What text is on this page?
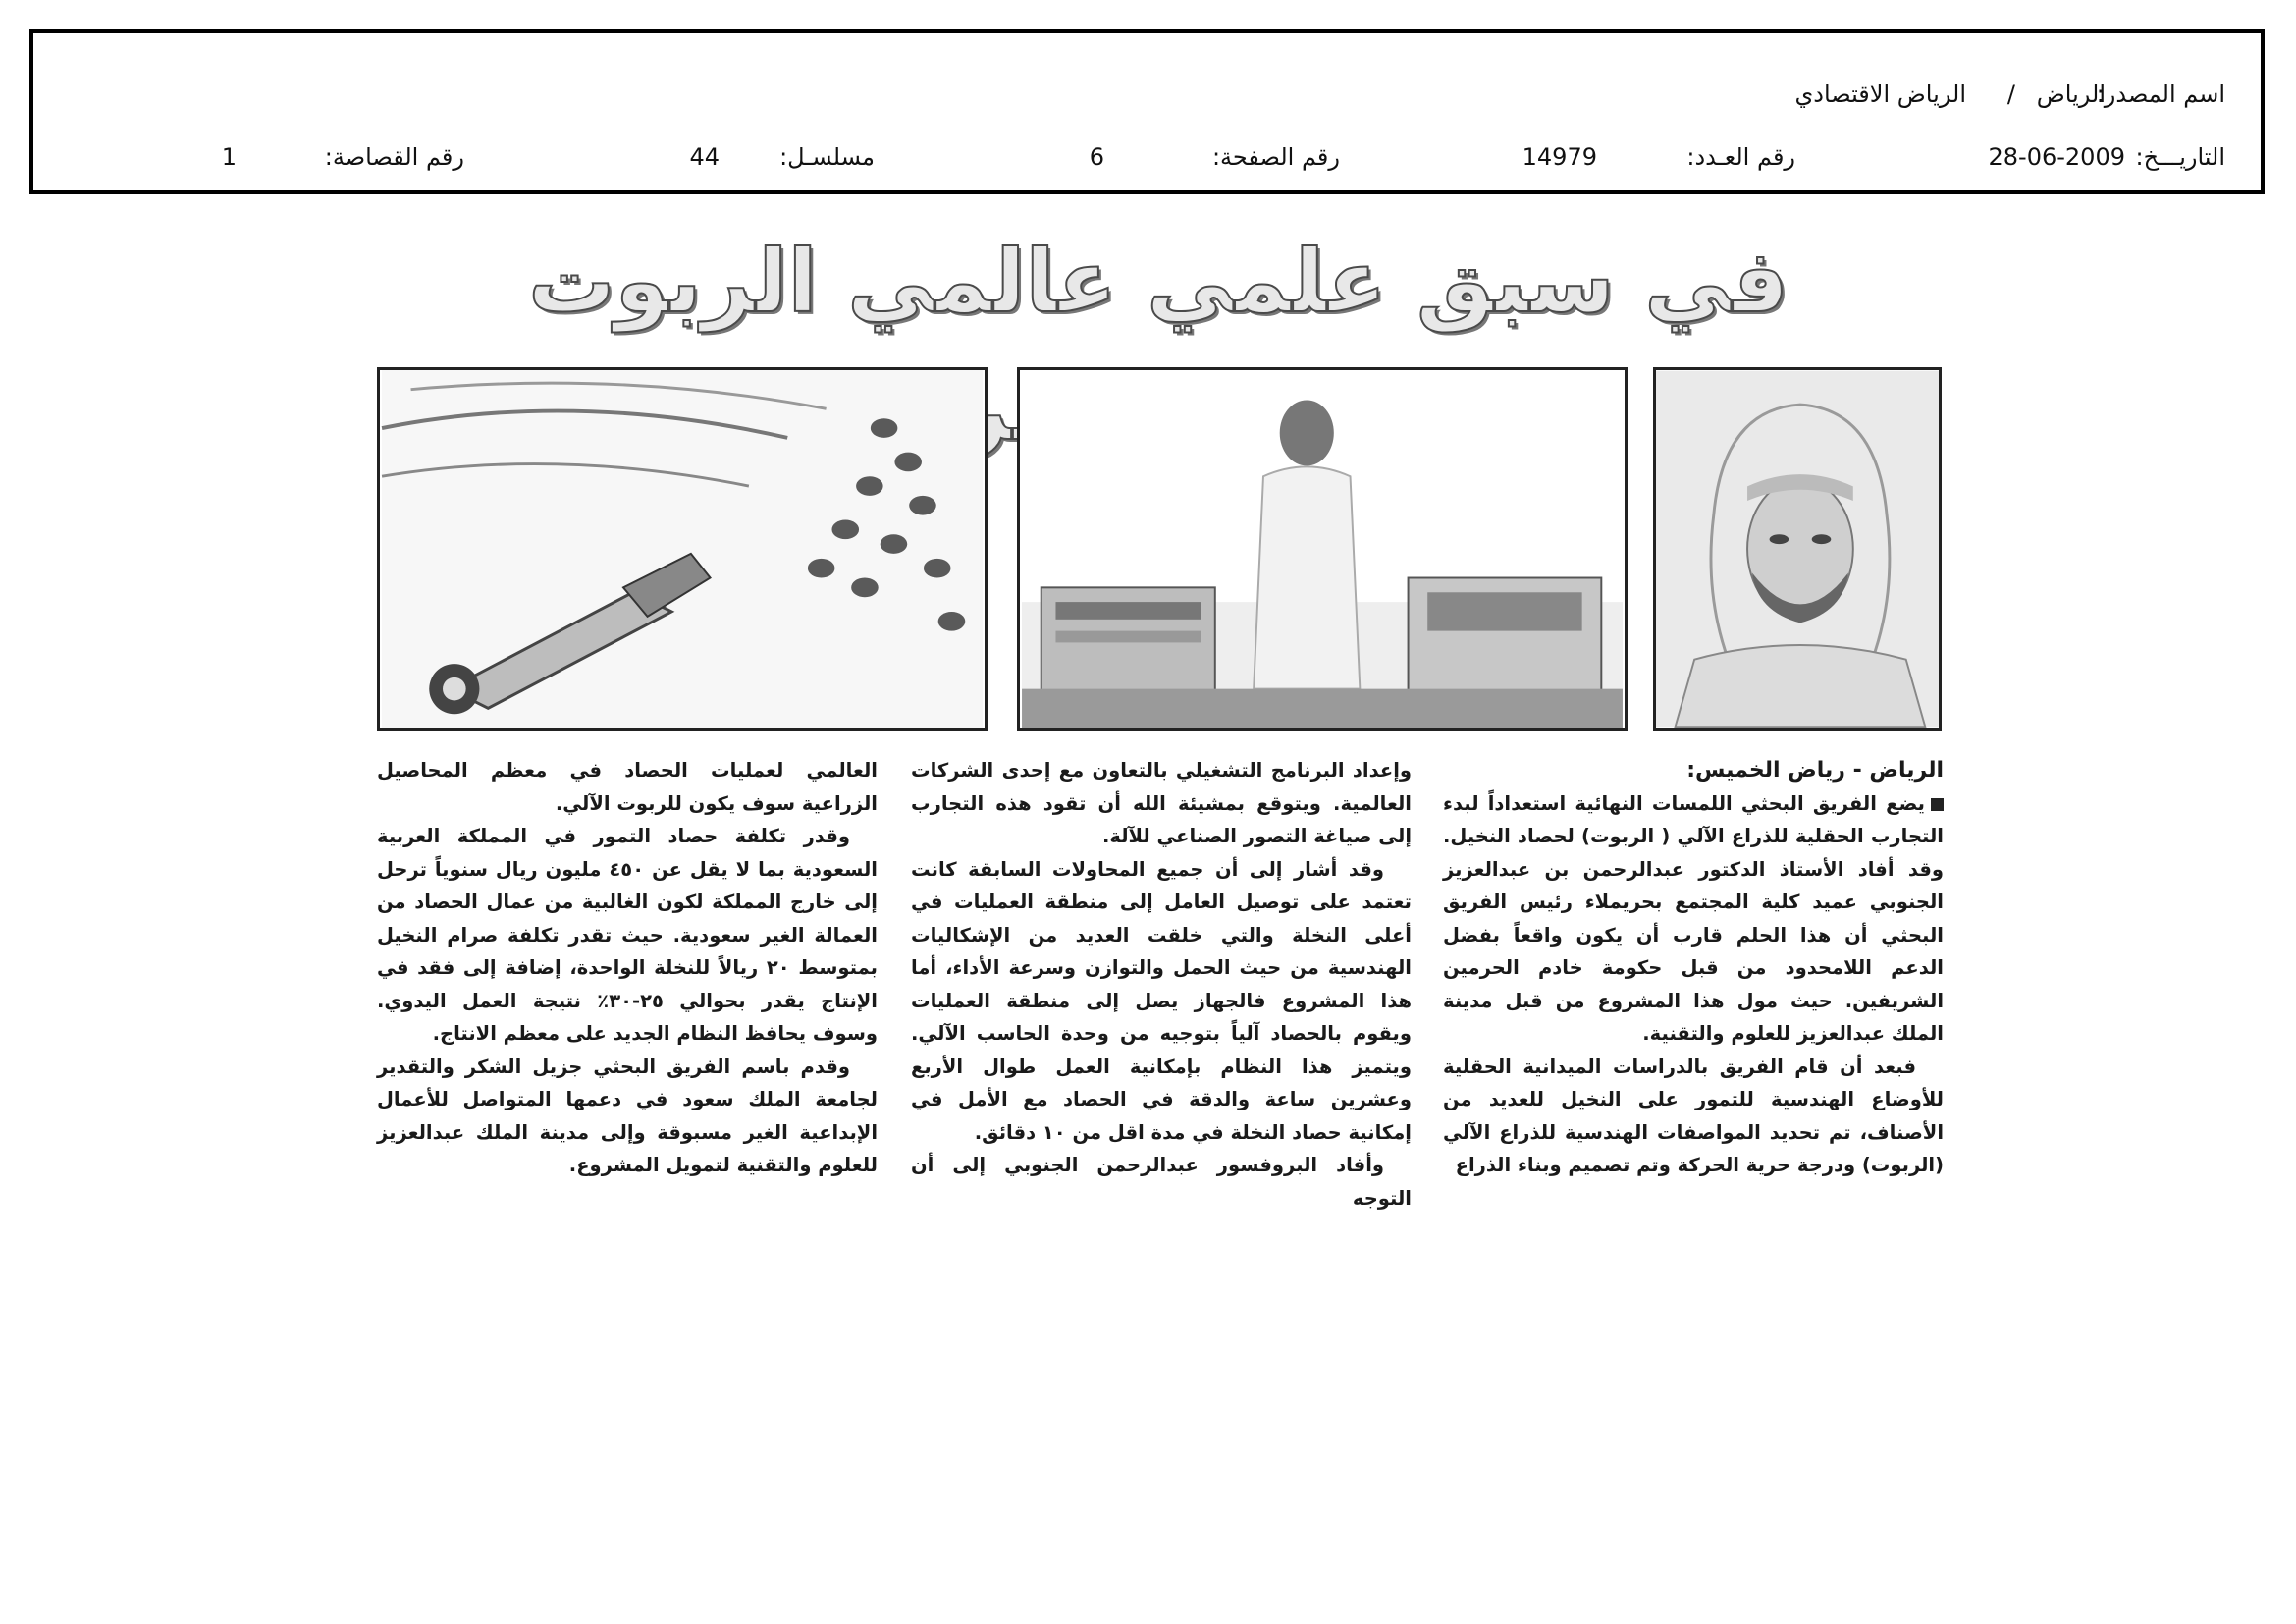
اسم المصدر:
الرياض
/
الرياض الاقتصادي
التاريـــخ:
28-06-2009
رقم العـدد:
14979
رقم الصفحة:
6
مسلسـل:
44
رقم القصاصة:
1
في سبق علمي عالمي الربوت

الرياض - رياض الخميس:

يضع الفريق البحثي اللمسات النهائية استعداداً لبدء التجارب الحقلية للذراع الآلي ( الربوت) لحصاد النخيل. وقد أفاد الأستاذ الدكتور عبدالرحمن بن عبدالعزيز الجنوبي عميد كلية المجتمع بحريملاء رئيس الفريق البحثي أن هذا الحلم قارب أن يكون واقعاً بفضل الدعم اللامحدود من قبل حكومة خادم الحرمين الشريفين. حيث مول هذا المشروع من قبل مدينة الملك عبدالعزيز للعلوم والتقنية.

فبعد أن قام الفريق بالدراسات الميدانية الحقلية للأوضاع الهندسية للتمور على النخيل للعديد من الأصناف، تم تحديد المواصفات الهندسية للذراع الآلي (الربوت) ودرجة حرية الحركة وتم تصميم وبناء الذراع

وإعداد البرنامج التشغيلي بالتعاون مع إحدى الشركات العالمية. ويتوقع بمشيئة الله أن تقود هذه التجارب إلى صياغة التصور الصناعي للآلة.

وقد أشار إلى أن جميع المحاولات السابقة كانت تعتمد على توصيل العامل إلى منطقة العمليات في أعلى النخلة والتي خلقت العديد من الإشكاليات الهندسية من حيث الحمل والتوازن وسرعة الأداء، أما هذا المشروع فالجهاز يصل إلى منطقة العمليات ويقوم بالحصاد آلياً بتوجيه من وحدة الحاسب الآلي. ويتميز هذا النظام بإمكانية العمل طوال الأربع وعشرين ساعة والدقة في الحصاد مع الأمل في إمكانية حصاد النخلة في مدة اقل من ١٠ دقائق.

وأفاد البروفسور عبدالرحمن الجنوبي إلى أن التوجه

العالمي لعمليات الحصاد في معظم المحاصيل الزراعية سوف يكون للربوت الآلي.

وقدر تكلفة حصاد التمور في المملكة العربية السعودية بما لا يقل عن ٤٥٠ مليون ريال سنوياً ترحل إلى خارج المملكة لكون الغالبية من عمال الحصاد من العمالة الغير سعودية. حيث تقدر تكلفة صرام النخيل بمتوسط ٢٠ ريالاً للنخلة الواحدة، إضافة إلى فقد في الإنتاج يقدر بحوالي ٢٥-٣٠٪ نتيجة العمل اليدوي. وسوف يحافظ النظام الجديد على معظم الانتاج.

وقدم باسم الفريق البحثي جزيل الشكر والتقدير لجامعة الملك سعود في دعمها المتواصل للأعمال الإبداعية الغير مسبوقة وإلى مدينة الملك عبدالعزيز للعلوم والتقنية لتمويل المشروع.
